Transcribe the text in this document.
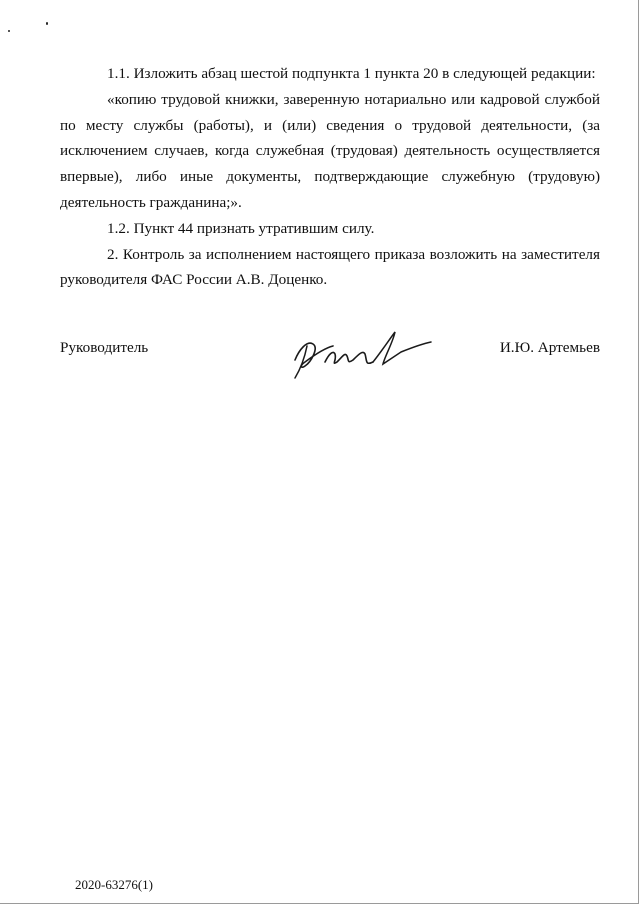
1.1. Изложить абзац шестой подпункта 1 пункта 20 в следующей редакции:

«копию трудовой книжки, заверенную нотариально или кадровой службой по месту службы (работы), и (или) сведения о трудовой деятельности, (за исключением случаев, когда служебная (трудовая) деятельность осуществляется впервые), либо иные документы, подтверждающие служебную (трудовую) деятельность гражданина;».

1.2. Пункт 44 признать утратившим силу.

2. Контроль за исполнением настоящего приказа возложить на заместителя руководителя ФАС России А.В. Доценко.

Руководитель	И.Ю. Артемьев
2020-63276(1)
